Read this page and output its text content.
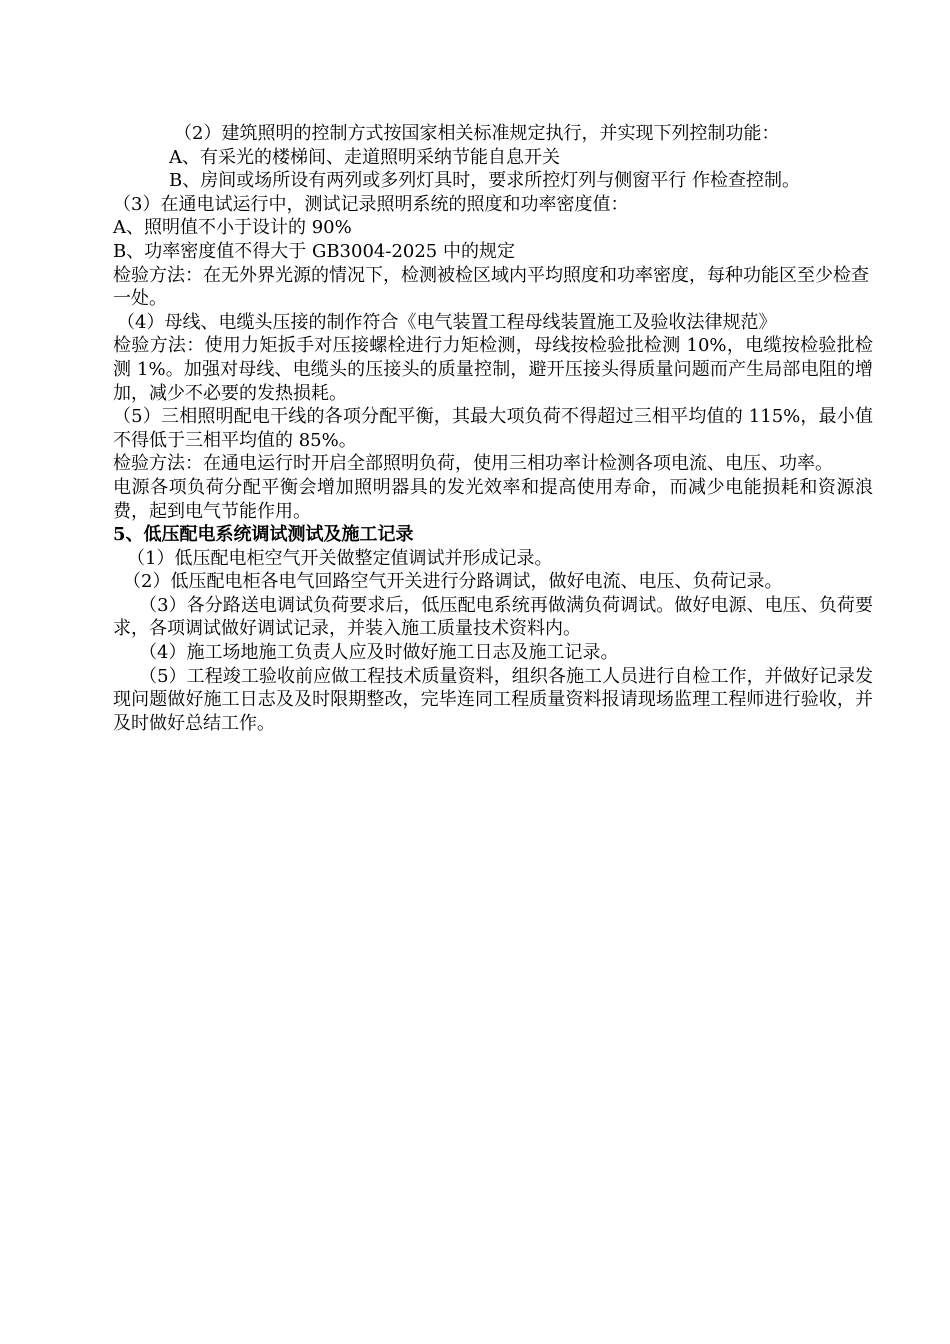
（2）建筑照明的控制方式按国家相关标准规定执行，并实现下列控制功能：

A、有采光的楼梯间、走道照明采纳节能自息开关

B、房间或场所设有两列或多列灯具时，要求所控灯列与侧窗平行 作检查控制。

（3）在通电试运行中，测试记录照明系统的照度和功率密度值：

A、照明值不小于设计的 90%

B、功率密度值不得大于 GB3004-2025 中的规定

检验方法：在无外界光源的情况下，检测被检区域内平均照度和功率密度，每种功能区至少检查一处。

（4）母线、电缆头压接的制作符合《电气装置工程母线装置施工及验收法律规范》

检验方法：使用力矩扳手对压接螺栓进行力矩检测，母线按检验批检测 10%，电缆按检验批检测 1%。加强对母线、电缆头的压接头的质量控制，避开压接头得质量问题而产生局部电阻的增加，减少不必要的发热损耗。

（5）三相照明配电干线的各项分配平衡，其最大项负荷不得超过三相平均值的 115%，最小值不得低于三相平均值的 85%。

检验方法：在通电运行时开启全部照明负荷，使用三相功率计检测各项电流、电压、功率。

电源各项负荷分配平衡会增加照明器具的发光效率和提高使用寿命，而减少电能损耗和资源浪费，起到电气节能作用。

5、低压配电系统调试测试及施工记录

（1）低压配电柜空气开关做整定值调试并形成记录。

（2）低压配电柜各电气回路空气开关进行分路调试，做好电流、电压、负荷记录。

（3）各分路送电调试负荷要求后，低压配电系统再做满负荷调试。做好电源、电压、负荷要求，各项调试做好调试记录，并装入施工质量技术资料内。

（4）施工场地施工负责人应及时做好施工日志及施工记录。

（5）工程竣工验收前应做工程技术质量资料，组织各施工人员进行自检工作，并做好记录发现问题做好施工日志及及时限期整改，完毕连同工程质量资料报请现场监理工程师进行验收，并及时做好总结工作。
